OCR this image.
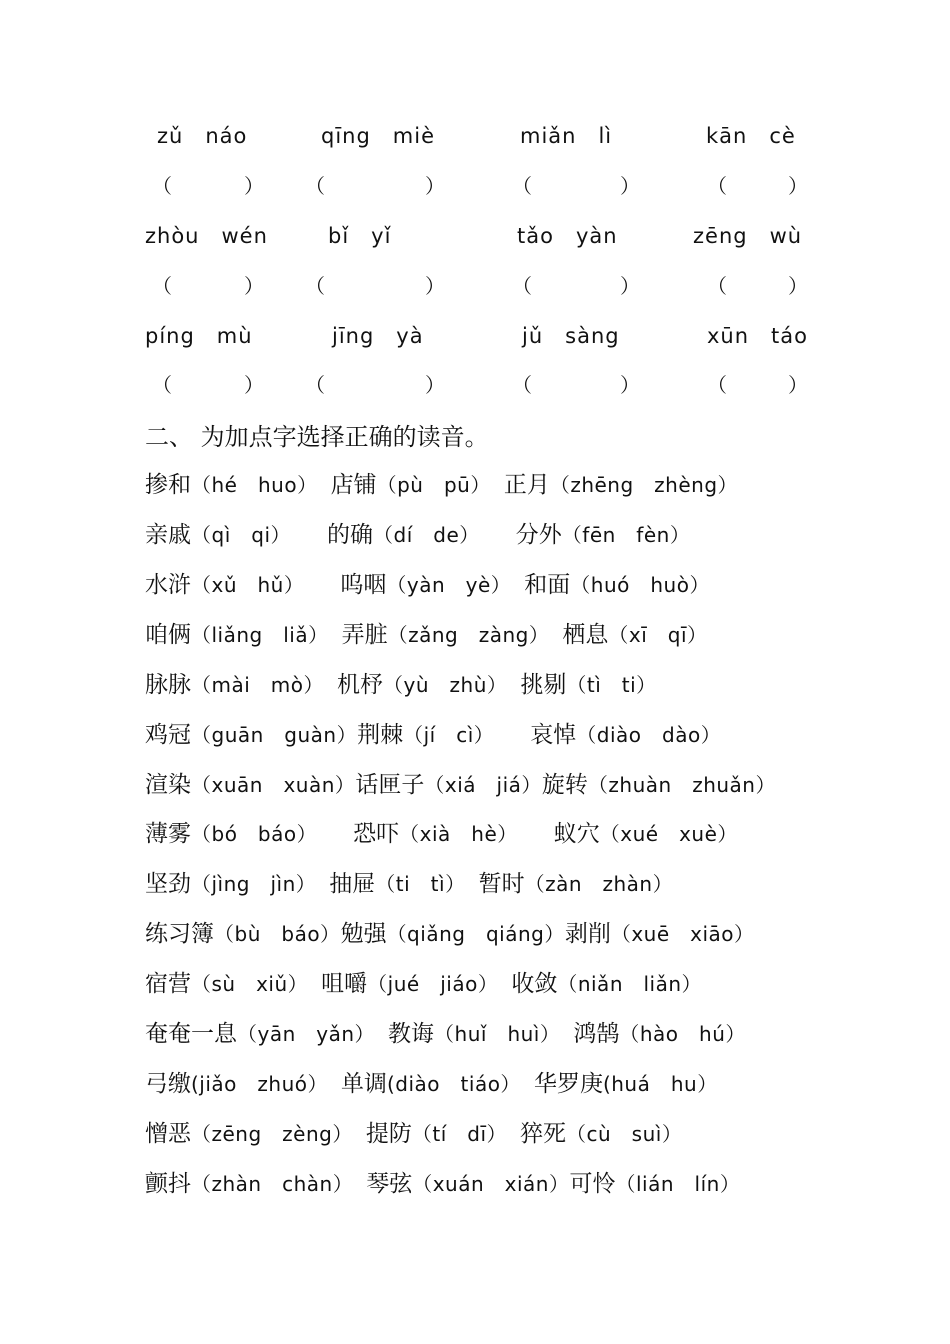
zǔ　náo	qīng　miè	miǎn　lì	kān　cè
（	） （	）	（	）	（	）
zhòu　wén	bǐ　yǐ	tǎo　yàn	zēng　wù
（	） （	）	（	）	（	）
píng　mù	jīng　yà	jǔ　sàng	xūn　táo
（	） （	）	（	）	（	）
二、 为加点字选择正确的读音。
掺和（hé　huo）　 店铺（pù　pū）　 正月（zhēng　zhèng）
亲戚（qì　qi）　　 的确（dí　de）　　 分外（fēn　fèn）
水浒（xǔ　hǔ）　　 呜咽（yàn　yè）　 和面（huó　huò）
咱俩（liǎng　liǎ）　 弄脏（zǎng　zàng）　 栖息（xī　qī）
脉脉（mài　mò）　 机杼（yù　zhù）　 挑剔（tì　ti）
鸡冠（guān　guàn）荆棘（jí　cì）　　 哀悼（diào　dào）
渲染（xuān　xuàn）话匣子（xiá　jiá）旋转（zhuàn　zhuǎn）
薄雾（bó　báo）　　 恐吓（xià　hè）　　 蚁穴（xué　xuè）
坚劲（jìng　jìn）　 抽屉（ti　tì）　 暂时（zàn　zhàn）
练习簿（bù　báo）勉强（qiǎng　qiáng）剥削（xuē　xiāo）
宿营（sù　xiǔ）　 咀嚼（jué　jiáo）　 收敛（niǎn　liǎn）
奄奄一息（yān　yǎn）　 教诲（huǐ　huì）　 鸿鹄（hào　hú）
弓缴(jiǎo　zhuó）　 单调(diào　tiáo）　 华罗庚(huá　hu）
憎恶（zēng　zèng）　 提防（tí　dī）　 猝死（cù　suì）
颤抖（zhàn　chàn）　 琴弦（xuán　xián）可怜（lián　lín）
